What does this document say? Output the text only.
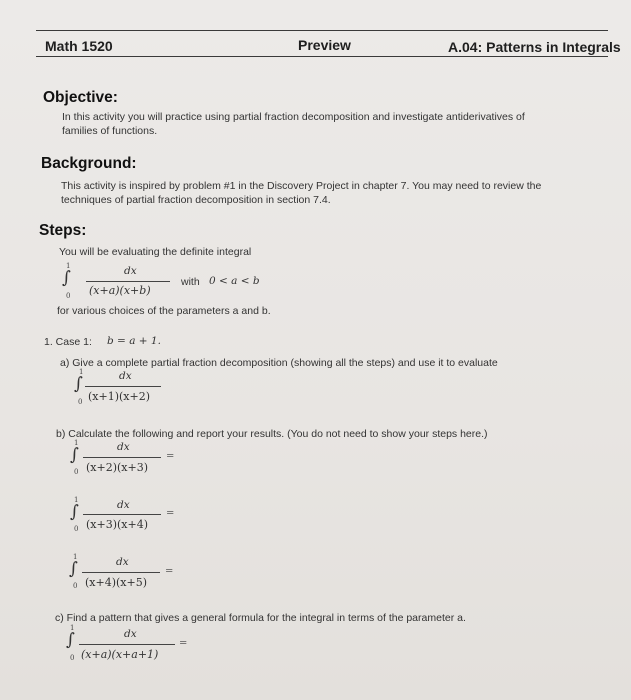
Math 1520	Preview	A.04: Patterns in Integrals
Objective:
In this activity you will practice using partial fraction decomposition and investigate antiderivatives of
families of functions.
Background:
This activity is inspired by problem #1 in the Discovery Project in chapter 7. You may need to review the
techniques of partial fraction decomposition in section 7.4.
Steps:
You will be evaluating the definite integral
1
∫
0
dx
(x+a)(x+b)
with 0 < a < b
for various choices of the parameters a and b.
1. Case 1: b = a + 1.
a) Give a complete partial fraction decomposition (showing all the steps) and use it to evaluate
1
∫
0
dx
(x+1)(x+2)
b) Calculate the following and report your results. (You do not need to show your steps here.)
1
∫
0
dx
(x+2)(x+3)
=
1
∫
0
dx
(x+3)(x+4)
=
1
∫
0
dx
(x+4)(x+5)
=
c) Find a pattern that gives a general formula for the integral in terms of the parameter a.
1
∫
0
dx
(x+a)(x+a+1)
=
